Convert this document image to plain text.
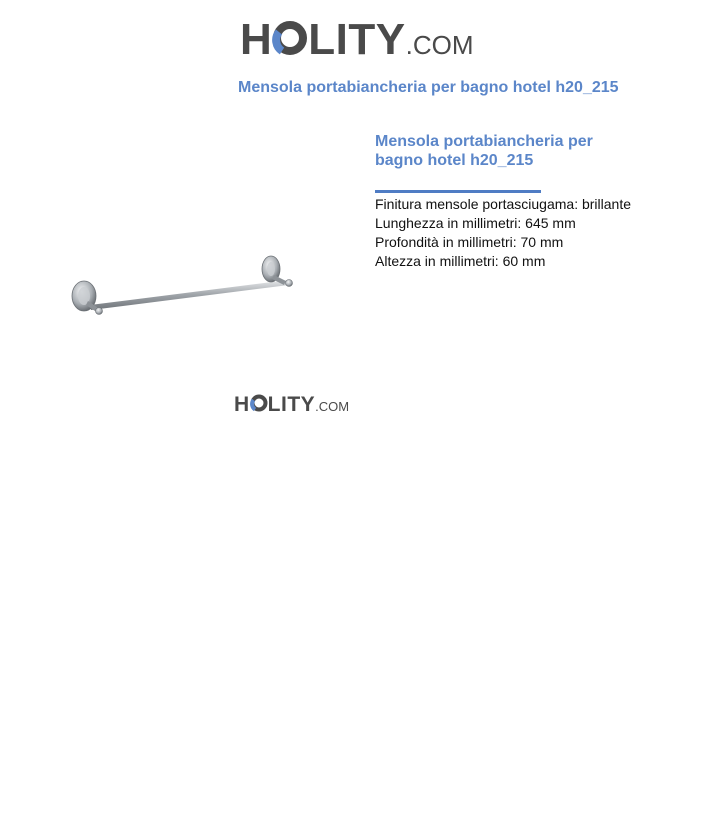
H LITY .COM
Mensola portabiancheria per bagno hotel h20_215
H LITY .COM
Mensola portabiancheria per
bagno hotel h20_215
Finitura mensole portasciugama: brillante
Lunghezza in millimetri: 645 mm
Profondità in millimetri: 70 mm
Altezza in millimetri: 60 mm
